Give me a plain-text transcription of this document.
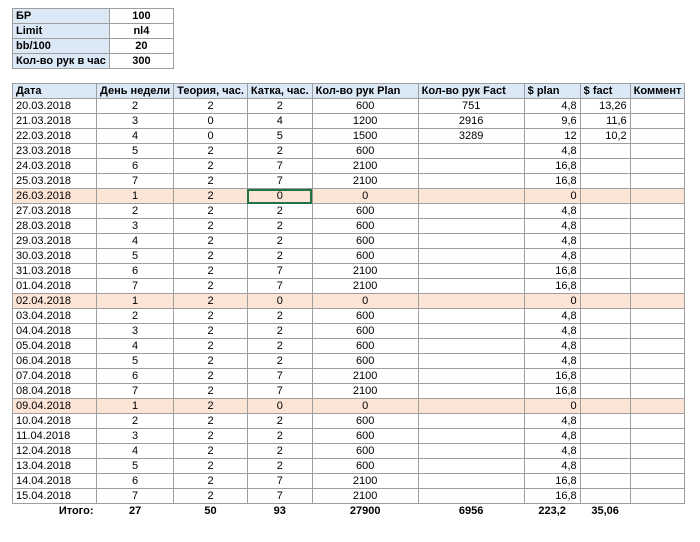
БР	100
Limit	nl4
bb/100	20
Кол-во рук в час	300
Дата	День недели	Теория, час.	Катка, час.	Кол-во рук Plan	Кол-во рук Fact	$ plan	$ fact	Коммент
20.03.2018	2	2	2	600	751	4,8	13,26	
21.03.2018	3	0	4	1200	2916	9,6	11,6	
22.03.2018	4	0	5	1500	3289	12	10,2	
23.03.2018	5	2	2	600		4,8		
24.03.2018	6	2	7	2100		16,8		
25.03.2018	7	2	7	2100		16,8		
26.03.2018	1	2	0	0		0		
27.03.2018	2	2	2	600		4,8		
28.03.2018	3	2	2	600		4,8		
29.03.2018	4	2	2	600		4,8		
30.03.2018	5	2	2	600		4,8		
31.03.2018	6	2	7	2100		16,8		
01.04.2018	7	2	7	2100		16,8		
02.04.2018	1	2	0	0		0		
03.04.2018	2	2	2	600		4,8		
04.04.2018	3	2	2	600		4,8		
05.04.2018	4	2	2	600		4,8		
06.04.2018	5	2	2	600		4,8		
07.04.2018	6	2	7	2100		16,8		
08.04.2018	7	2	7	2100		16,8		
09.04.2018	1	2	0	0		0		
10.04.2018	2	2	2	600		4,8		
11.04.2018	3	2	2	600		4,8		
12.04.2018	4	2	2	600		4,8		
13.04.2018	5	2	2	600		4,8		
14.04.2018	6	2	7	2100		16,8		
15.04.2018	7	2	7	2100		16,8		
Итого:	27	50	93	27900	6956	223,2	35,06	
